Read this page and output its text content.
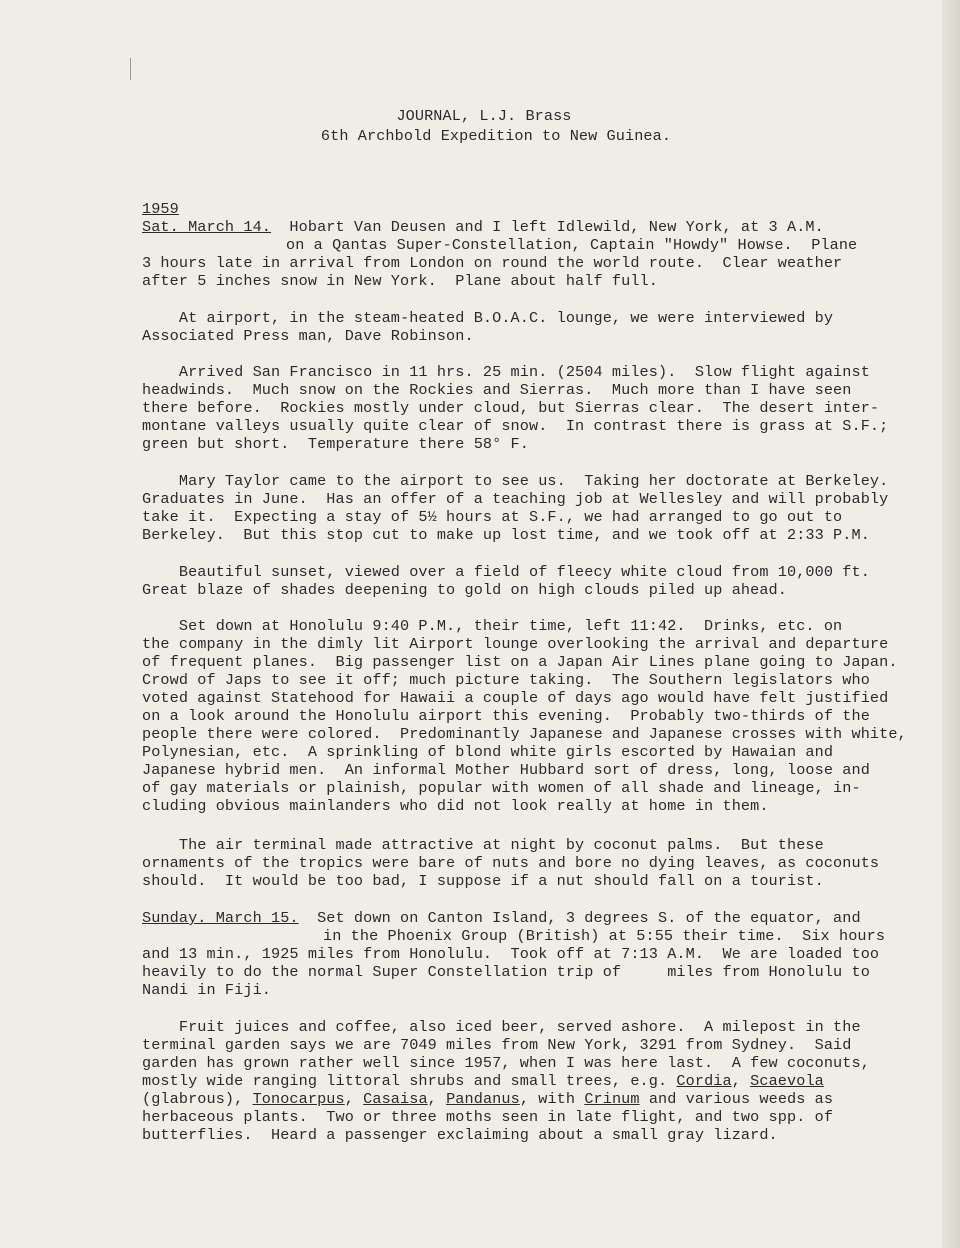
JOURNAL, L.J. Brass
6th Archbold Expedition to New Guinea.
1959
Sat. March 14.  Hobart Van Deusen and I left Idlewild, New York, at 3 A.M.
on a Qantas Super-Constellation, Captain "Howdy" Howse.  Plane
3 hours late in arrival from London on round the world route.  Clear weather
after 5 inches snow in New York.  Plane about half full.
At airport, in the steam-heated B.O.A.C. lounge, we were interviewed by
Associated Press man, Dave Robinson.
Arrived San Francisco in 11 hrs. 25 min. (2504 miles).  Slow flight against
headwinds.  Much snow on the Rockies and Sierras.  Much more than I have seen
there before.  Rockies mostly under cloud, but Sierras clear.  The desert inter-
montane valleys usually quite clear of snow.  In contrast there is grass at S.F.;
green but short.  Temperature there 58° F.
Mary Taylor came to the airport to see us.  Taking her doctorate at Berkeley.
Graduates in June.  Has an offer of a teaching job at Wellesley and will probably
take it.  Expecting a stay of 5½ hours at S.F., we had arranged to go out to
Berkeley.  But this stop cut to make up lost time, and we took off at 2:33 P.M.
Beautiful sunset, viewed over a field of fleecy white cloud from 10,000 ft.
Great blaze of shades deepening to gold on high clouds piled up ahead.
Set down at Honolulu 9:40 P.M., their time, left 11:42.  Drinks, etc. on
the company in the dimly lit Airport lounge overlooking the arrival and departure
of frequent planes.  Big passenger list on a Japan Air Lines plane going to Japan.
Crowd of Japs to see it off; much picture taking.  The Southern legislators who
voted against Statehood for Hawaii a couple of days ago would have felt justified
on a look around the Honolulu airport this evening.  Probably two-thirds of the
people there were colored.  Predominantly Japanese and Japanese crosses with white,
Polynesian, etc.  A sprinkling of blond white girls escorted by Hawaian and
Japanese hybrid men.  An informal Mother Hubbard sort of dress, long, loose and
of gay materials or plainish, popular with women of all shade and lineage, in-
cluding obvious mainlanders who did not look really at home in them.
The air terminal made attractive at night by coconut palms.  But these
ornaments of the tropics were bare of nuts and bore no dying leaves, as coconuts
should.  It would be too bad, I suppose if a nut should fall on a tourist.
Sunday. March 15.  Set down on Canton Island, 3 degrees S. of the equator, and
in the Phoenix Group (British) at 5:55 their time.  Six hours
and 13 min., 1925 miles from Honolulu.  Took off at 7:13 A.M.  We are loaded too
heavily to do the normal Super Constellation trip of     miles from Honolulu to
Nandi in Fiji.
Fruit juices and coffee, also iced beer, served ashore.  A milepost in the
terminal garden says we are 7049 miles from New York, 3291 from Sydney.  Said
garden has grown rather well since 1957, when I was here last.  A few coconuts,
mostly wide ranging littoral shrubs and small trees, e.g. Cordia, Scaevola
(glabrous), Tonocarpus, Casaisa, Pandanus, with Crinum and various weeds as
herbaceous plants.  Two or three moths seen in late flight, and two spp. of
butterflies.  Heard a passenger exclaiming about a small gray lizard.
